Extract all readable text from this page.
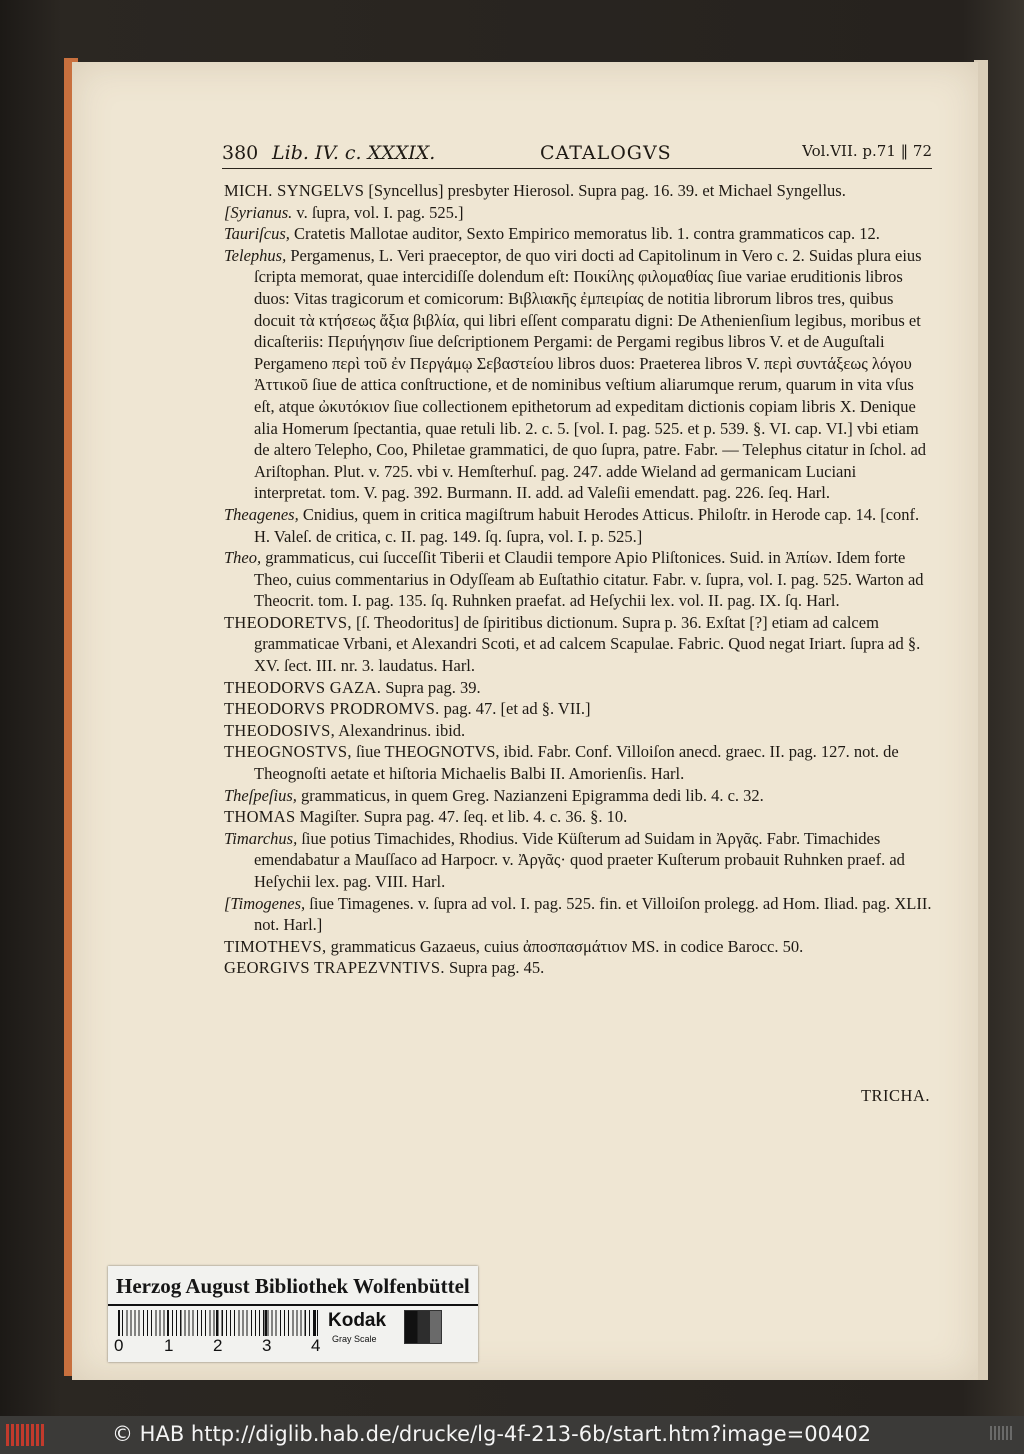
380 Lib. IV. c. XXXIX.	CATALOGVS	Vol.VII. p.71 ‖ 72

MICH. SYNGELVS [Syncellus] presbyter Hierosol. Supra pag. 16. 39. et Michael Syngellus.

[Syrianus. v. ſupra, vol. I. pag. 525.]

Tauriſcus, Cratetis Mallotae auditor, Sexto Empirico memoratus lib. 1. contra grammaticos cap. 12.

Telephus, Pergamenus, L. Veri praeceptor, de quo viri docti ad Capitolinum in Vero c. 2. Suidas plura eius ſcripta memorat, quae intercidiſſe dolendum eſt: Ποικίλης φιλομαθίας ſiue variae eruditionis libros duos: Vitas tragicorum et comicorum: Βιβλιακῆς ἐμπειρίας de notitia librorum libros tres, quibus docuit τὰ κτήσεως ἄξια βιβλία, qui libri eſſent comparatu digni: De Athenienſium legibus, moribus et dicaſteriis: Περιήγησιν ſiue deſcriptionem Pergami: de Pergami regibus libros V. et de Auguſtali Pergameno περὶ τοῦ ἐν Περγάμῳ Σεβαστείου libros duos: Praeterea libros V. περὶ συντάξεως λόγου Ἀττικοῦ ſiue de attica conſtructione, et de nominibus veſtium aliarumque rerum, quarum in vita vſus eſt, atque ὠκυτόκιον ſiue collectionem epithetorum ad expeditam dictionis copiam libris X. Denique alia Homerum ſpectantia, quae retuli lib. 2. c. 5. [vol. I. pag. 525. et p. 539. §. VI. cap. VI.] vbi etiam de altero Telepho, Coo, Philetae grammatici, de quo ſupra, patre. Fabr. — Telephus citatur in ſchol. ad Ariſtophan. Plut. v. 725. vbi v. Hemſterhuſ. pag. 247. adde Wieland ad germanicam Luciani interpretat. tom. V. pag. 392. Burmann. II. add. ad Valeſii emendatt. pag. 226. ſeq. Harl.

Theagenes, Cnidius, quem in critica magiſtrum habuit Herodes Atticus. Philoſtr. in Herode cap. 14. [conf. H. Valeſ. de critica, c. II. pag. 149. ſq. ſupra, vol. I. p. 525.]

Theo, grammaticus, cui ſucceſſit Tiberii et Claudii tempore Apio Pliſtonices. Suid. in Ἀπίων. Idem forte Theo, cuius commentarius in Odyſſeam ab Euſtathio citatur. Fabr. v. ſupra, vol. I. pag. 525. Warton ad Theocrit. tom. I. pag. 135. ſq. Ruhnken praefat. ad Heſychii lex. vol. II. pag. IX. ſq. Harl.

THEODORETVS, [ſ. Theodoritus] de ſpiritibus dictionum. Supra p. 36. Exſtat [?] etiam ad calcem grammaticae Vrbani, et Alexandri Scoti, et ad calcem Scapulae. Fabric. Quod negat Iriart. ſupra ad §. XV. ſect. III. nr. 3. laudatus. Harl.

THEODORVS GAZA. Supra pag. 39.

THEODORVS PRODROMVS. pag. 47. [et ad §. VII.]

THEODOSIVS, Alexandrinus. ibid.

THEOGNOSTVS, ſiue THEOGNOTVS, ibid. Fabr. Conf. Villoiſon anecd. graec. II. pag. 127. not. de Theognoſti aetate et hiſtoria Michaelis Balbi II. Amorienſis. Harl.

Theſpeſius, grammaticus, in quem Greg. Nazianzeni Epigramma dedi lib. 4. c. 32.

THOMAS Magiſter. Supra pag. 47. ſeq. et lib. 4. c. 36. §. 10.

Timarchus, ſiue potius Timachides, Rhodius. Vide Küſterum ad Suidam in Ἀργᾶς. Fabr. Timachides emendabatur a Mauſſaco ad Harpocr. v. Ἀργᾶς· quod praeter Kuſterum probauit Ruhnken praef. ad Heſychii lex. pag. VIII. Harl.

[Timogenes, ſiue Timagenes. v. ſupra ad vol. I. pag. 525. fin. et Villoiſon prolegg. ad Hom. Iliad. pag. XLII. not. Harl.]

TIMOTHEVS, grammaticus Gazaeus, cuius ἀποσπασμάτιον MS. in codice Barocc. 50.

GEORGIVS TRAPEZVNTIVS. Supra pag. 45.

TRICHA.
Herzog August Bibliothek Wolfenbüttel
0 1 2 3 4
Kodak
Gray Scale
© HAB http://diglib.hab.de/drucke/lg-4f-213-6b/start.htm?image=00402
